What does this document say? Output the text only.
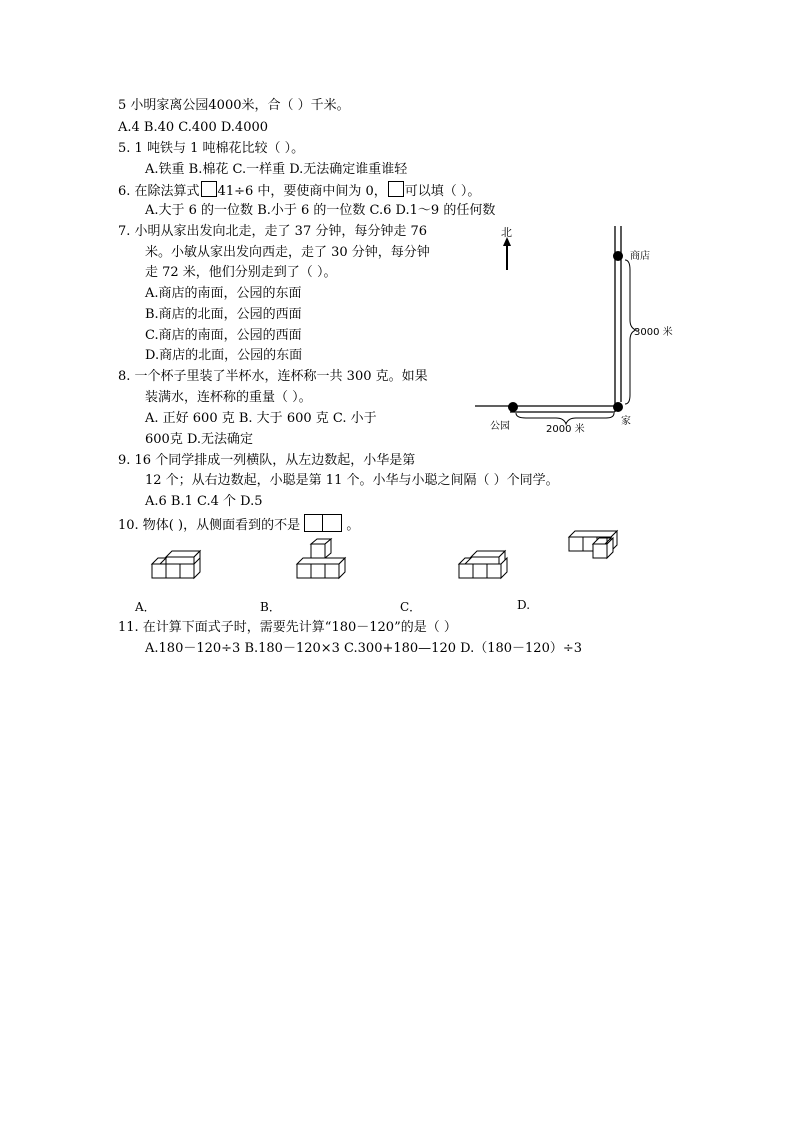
5 小明家离公园4000米，合（ ）千米。
A.4 B.40 C.400 D.4000
5. 1 吨铁与 1 吨棉花比较（ ）。
A.铁重 B.棉花 C.一样重 D.无法确定谁重谁轻
6. 在除法算式 41÷6 中，要使商中间为 0， 可以填（ ）。
A.大于 6 的一位数 B.小于 6 的一位数 C.6 D.1～9 的任何数
7. 小明从家出发向北走，走了 37 分钟，每分钟走 76
米。小敏从家出发向西走，走了 30 分钟，每分钟
走 72 米，他们分别走到了（ ）。
A.商店的南面，公园的东面
B.商店的北面，公园的西面
C.商店的南面，公园的西面
D.商店的北面，公园的东面
8. 一个杯子里装了半杯水，连杯称一共 300 克。如果
装满水，连杯称的重量（ ）。
A. 正好 600 克 B. 大于 600 克 C. 小于
600克 D.无法确定
9. 16 个同学排成一列横队，从左边数起，小华是第
12 个；从右边数起，小聪是第 11 个。小华与小聪之间隔（ ）个同学。
A.6 B.1 C.4 个 D.5
10. 物体( )，从侧面看到的不是	。
A．	B．	C．	D.
11. 在计算下面式子时，需要先计算“180－120”的是（ ）
A.180－120÷3 B.180－120×3 C.300+180—120 D.（180－120）÷3
北
商店
3000 米
公园	2000 米
家
